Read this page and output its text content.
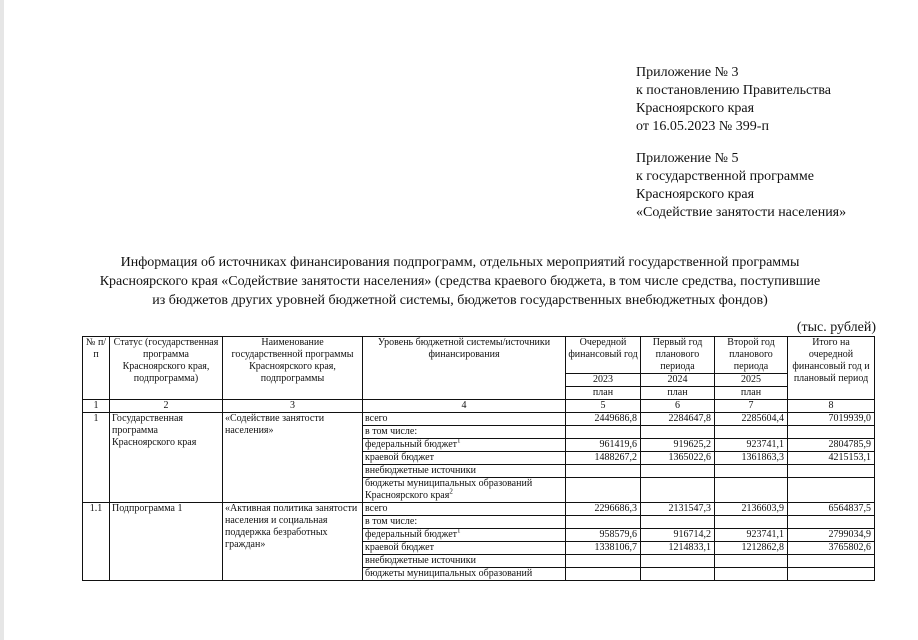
Приложение № 3
к постановлению Правительства
Красноярского края
от 16.05.2023 № 399-п
Приложение № 5
к государственной программе
Красноярского края
«Содействие занятости населения»
Информация об источниках финансирования подпрограмм, отдельных мероприятий государственной программы
Красноярского края «Содействие занятости населения» (средства краевого бюджета, в том числе средства, поступившие
из бюджетов других уровней бюджетной системы, бюджетов государственных внебюджетных фондов)
(тыс. рублей)
№ п/п	Статус (государственная программа Красноярского края, подпрограмма)	Наименование государственной программы Красноярского края, подпрограммы	Уровень бюджетной системы/источники финансирования	Очередной финансовый год	Первый год планового периода	Второй год планового периода	Итого на очередной финансовый год и плановый период
				2023	2024	2025	
				план	план	план	
1	2	3	4	5	6	7	8
1	Государственная программа Красноярского края	«Содействие занятости населения»	всего	2449686,8	2284647,8	2285604,4	7019939,0
			в том числе:				
			федеральный бюджет$^1$	961419,6	919625,2	923741,1	2804785,9
			краевой бюджет	1488267,2	1365022,6	1361863,3	4215153,1
			внебюджетные источники				
			бюджеты муниципальных образований Красноярского края$^2$				
1.1	Подпрограмма 1	«Активная политика занятости населения и социальная поддержка безработных граждан»	всего	2296686,3	2131547,3	2136603,9	6564837,5
			в том числе:				
			федеральный бюджет$^1$	958579,6	916714,2	923741,1	2799034,9
			краевой бюджет	1338106,7	1214833,1	1212862,8	3765802,6
			внебюджетные источники				
			бюджеты муниципальных образований				
